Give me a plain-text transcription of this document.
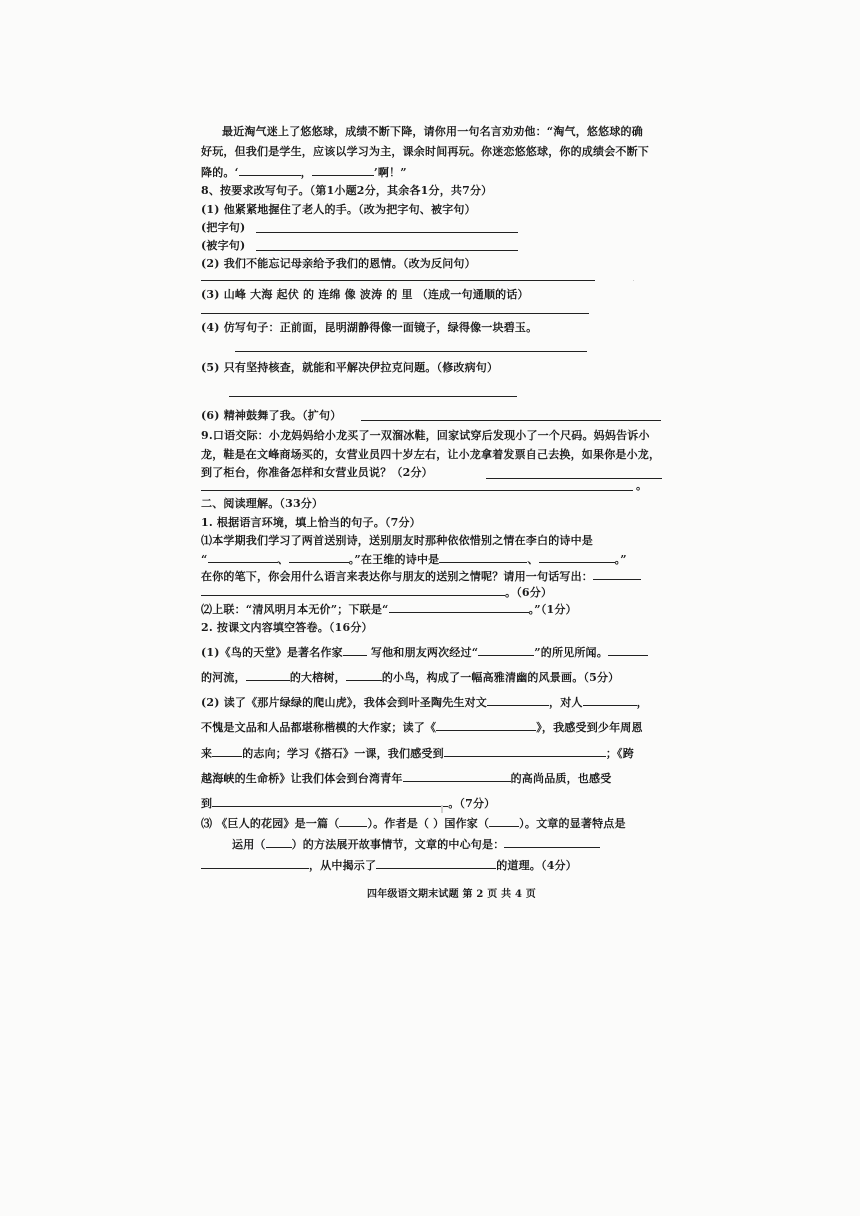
最近淘气迷上了悠悠球，成绩不断下降，请你用一句名言劝劝他：“淘气，悠悠球的确
好玩，但我们是学生，应该以学习为主，课余时间再玩。你迷恋悠悠球，你的成绩会不断下
降的。‘	，	’啊！”
8、按要求改写句子。（第1小题2分，其余各1分，共7分）
(1) 他紧紧地握住了老人的手。（改为把字句、被字句）
(把字句)
(被字句)
(2) 我们不能忘记母亲给予我们的恩情。（改为反问句）
(3) 山峰 大海 起伏 的 连绵 像 波涛 的 里 （连成一句通顺的话）
(4) 仿写句子：正前面，昆明湖静得像一面镜子，绿得像一块碧玉。
(5) 只有坚持核查，就能和平解决伊拉克问题。（修改病句）
(6) 精神鼓舞了我。（扩句）
9.口语交际：小龙妈妈给小龙买了一双溜冰鞋，回家试穿后发现小了一个尺码。妈妈告诉小
龙，鞋是在文峰商场买的，女营业员四十岁左右，让小龙拿着发票自己去换，如果你是小龙，
到了柜台，你准备怎样和女营业员说？（2分）
。
二、阅读理解。（33分）
1. 根据语言环境，填上恰当的句子。（7分）
⑴本学期我们学习了两首送别诗，送别朋友时那种依依惜别之情在李白的诗中是
“	、	。”在王维的诗中是	、	。”
在你的笔下，你会用什么语言来表达你与朋友的送别之情呢？请用一句话写出：
。（6分）
⑵上联：“清风明月本无价”；下联是“	。”（1分）
2. 按课文内容填空答卷。（16分）
(1)《鸟的天堂》是著名作家	写他和朋友两次经过“	”的所见所闻。
的河流，	的大榕树，	的小鸟，构成了一幅高雅清幽的风景画。（5分）
(2) 读了《那片绿绿的爬山虎》，我体会到叶圣陶先生对文	，对人	，
不愧是文品和人品都堪称楷模的大作家；读了《	》，我感受到少年周恩
来	的志向；学习《搭石》一课，我们感受到	；《跨
越海峡的生命桥》让我们体会到台湾青年	的高尚品质，也感受
到	。（7分）
⑶ 《巨人的花园》是一篇（	）。作者是（ ）国作家（	）。文章的显著特点是
运用（ ）的方法展开故事情节，文章的中心句是：
，从中揭示了	的道理。（4分）
四年级语文期末试题 第 2 页 共 4 页
